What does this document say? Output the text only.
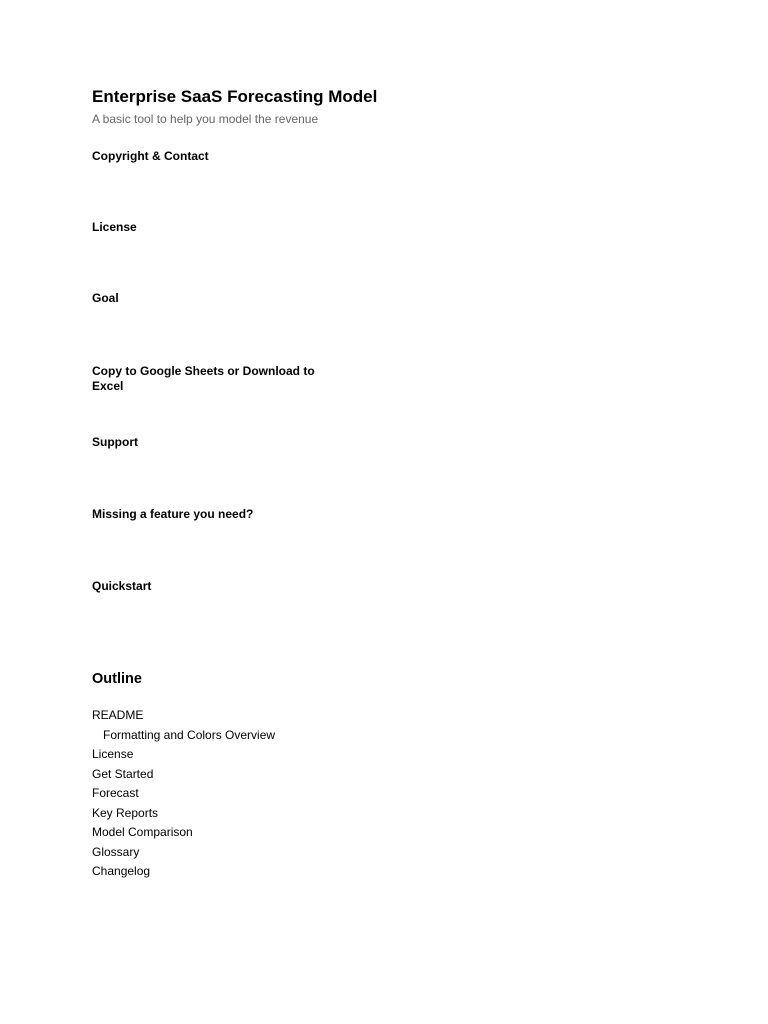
Enterprise SaaS Forecasting Model
A basic tool to help you model the revenue
Copyright & Contact
License
Goal
Copy to Google Sheets or Download to Excel
Support
Missing a feature you need?
Quickstart
Outline
README
Formatting and Colors Overview
License
Get Started
Forecast
Key Reports
Model Comparison
Glossary
Changelog
